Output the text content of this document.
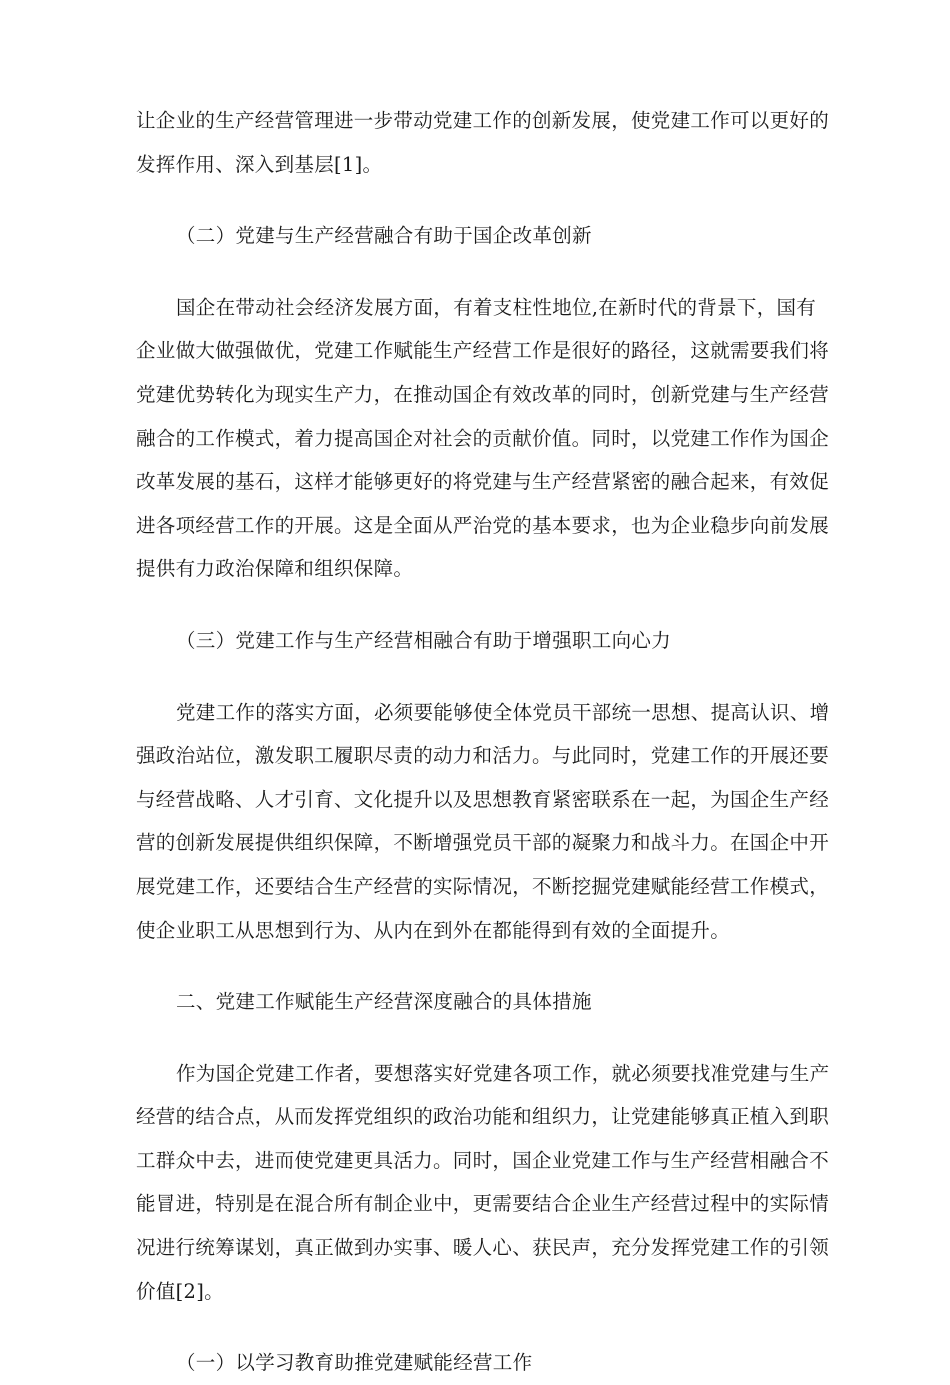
让企业的生产经营管理进一步带动党建工作的创新发展，使党建工作可以更好的
发挥作用、深入到基层[1]。
（二）党建与生产经营融合有助于国企改革创新
国企在带动社会经济发展方面，有着支柱性地位,在新时代的背景下，国有
企业做大做强做优，党建工作赋能生产经营工作是很好的路径，这就需要我们将
党建优势转化为现实生产力，在推动国企有效改革的同时，创新党建与生产经营
融合的工作模式，着力提高国企对社会的贡献价值。同时，以党建工作作为国企
改革发展的基石，这样才能够更好的将党建与生产经营紧密的融合起来，有效促
进各项经营工作的开展。这是全面从严治党的基本要求，也为企业稳步向前发展
提供有力政治保障和组织保障。
（三）党建工作与生产经营相融合有助于增强职工向心力
党建工作的落实方面，必须要能够使全体党员干部统一思想、提高认识、增
强政治站位，激发职工履职尽责的动力和活力。与此同时，党建工作的开展还要
与经营战略、人才引育、文化提升以及思想教育紧密联系在一起，为国企生产经
营的创新发展提供组织保障，不断增强党员干部的凝聚力和战斗力。在国企中开
展党建工作，还要结合生产经营的实际情况，不断挖掘党建赋能经营工作模式，
使企业职工从思想到行为、从内在到外在都能得到有效的全面提升。
二、党建工作赋能生产经营深度融合的具体措施
作为国企党建工作者，要想落实好党建各项工作，就必须要找准党建与生产
经营的结合点，从而发挥党组织的政治功能和组织力，让党建能够真正植入到职
工群众中去，进而使党建更具活力。同时，国企业党建工作与生产经营相融合不
能冒进，特别是在混合所有制企业中，更需要结合企业生产经营过程中的实际情
况进行统筹谋划，真正做到办实事、暖人心、获民声，充分发挥党建工作的引领
价值[2]。
（一）以学习教育助推党建赋能经营工作
